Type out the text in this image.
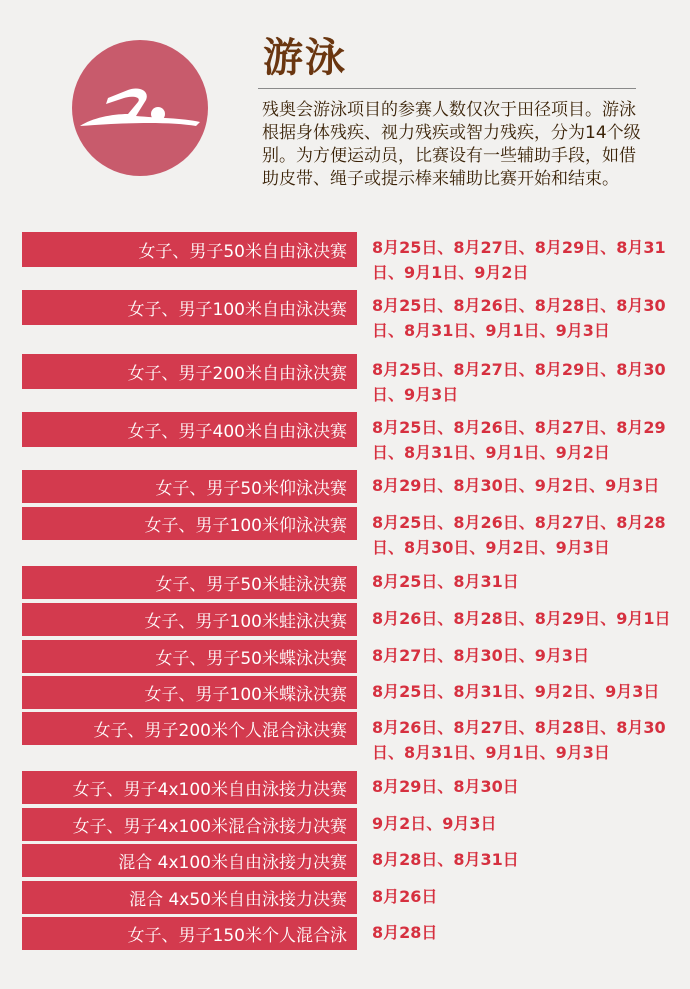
游泳
残奥会游泳项目的参赛人数仅次于田径项目。游泳根据身体残疾、视力残疾或智力残疾，分为14个级别。为方便运动员，比赛设有一些辅助手段，如借助皮带、绳子或提示棒来辅助比赛开始和结束。
女子、男子50米自由泳决赛	8月25日、8月27日、8月29日、8月31日、9月1日、9月2日
女子、男子100米自由泳决赛	8月25日、8月26日、8月28日、8月30日、8月31日、9月1日、9月3日
女子、男子200米自由泳决赛	8月25日、8月27日、8月29日、8月30日、9月3日
女子、男子400米自由泳决赛	8月25日、8月26日、8月27日、8月29日、8月31日、9月1日、9月2日
女子、男子50米仰泳决赛	8月29日、8月30日、9月2日、9月3日
女子、男子100米仰泳决赛	8月25日、8月26日、8月27日、8月28日、8月30日、9月2日、9月3日
女子、男子50米蛙泳决赛	8月25日、8月31日
女子、男子100米蛙泳决赛	8月26日、8月28日、8月29日、9月1日
女子、男子50米蝶泳决赛	8月27日、8月30日、9月3日
女子、男子100米蝶泳决赛	8月25日、8月31日、9月2日、9月3日
女子、男子200米个人混合泳决赛	8月26日、8月27日、8月28日、8月30日、8月31日、9月1日、9月3日
女子、男子4x100米自由泳接力决赛	8月29日、8月30日
女子、男子4x100米混合泳接力决赛	9月2日、9月3日
混合 4x100米自由泳接力决赛	8月28日、8月31日
混合 4x50米自由泳接力决赛	8月26日
女子、男子150米个人混合泳	8月28日
